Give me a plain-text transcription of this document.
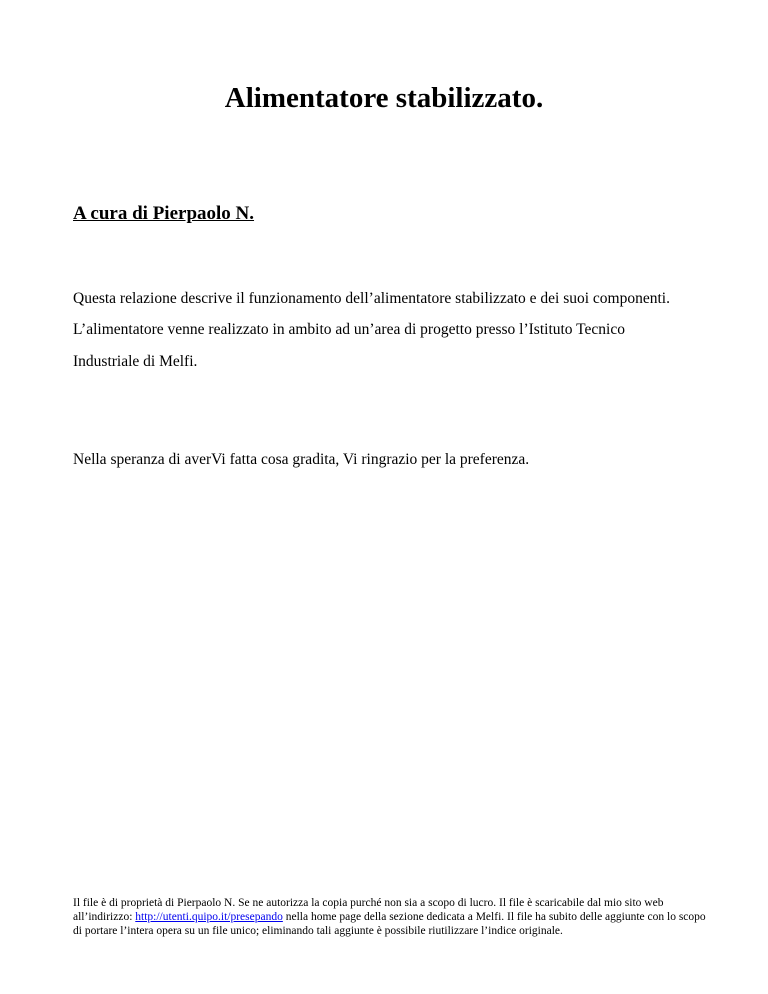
Alimentatore stabilizzato.

A cura di Pierpaolo N.

Questa relazione descrive il funzionamento dell’alimentatore stabilizzato e dei suoi componenti.

L’alimentatore venne realizzato in ambito ad un’area di progetto presso l’Istituto Tecnico

Industriale di Melfi.

Nella speranza di averVi fatta cosa gradita, Vi ringrazio per la preferenza.

Il file è di proprietà di Pierpaolo N. Se ne autorizza la copia purché non sia a scopo di lucro. Il file è scaricabile dal mio sito web all’indirizzo: http://utenti.quipo.it/presepando nella home page della sezione dedicata a Melfi. Il file ha subito delle aggiunte con lo scopo di portare l’intera opera su un file unico; eliminando tali aggiunte è possibile riutilizzare l’indice originale.
